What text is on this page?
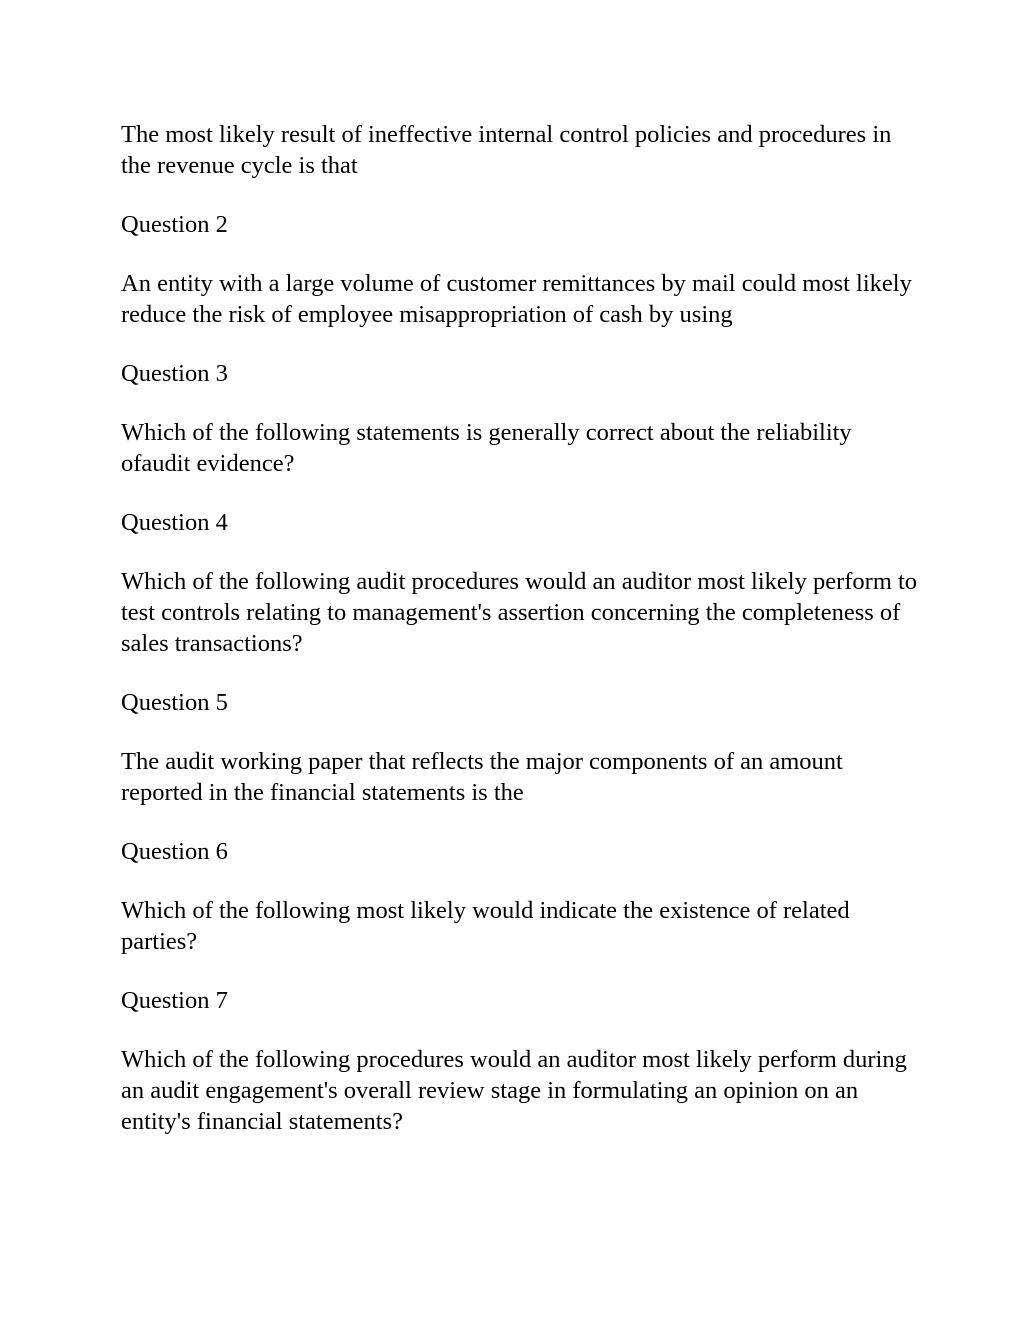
The most likely result of ineffective internal control policies and procedures in the revenue cycle is that

Question 2

An entity with a large volume of customer remittances by mail could most likely reduce the risk of employee misappropriation of cash by using

Question 3

Which of the following statements is generally correct about the reliability ofaudit evidence?

Question 4

Which of the following audit procedures would an auditor most likely perform to test controls relating to management's assertion concerning the completeness of sales transactions?

Question 5

The audit working paper that reflects the major components of an amount reported in the financial statements is the

Question 6

Which of the following most likely would indicate the existence of related parties?

Question 7

Which of the following procedures would an auditor most likely perform during an audit engagement's overall review stage in formulating an opinion on an entity's financial statements?
